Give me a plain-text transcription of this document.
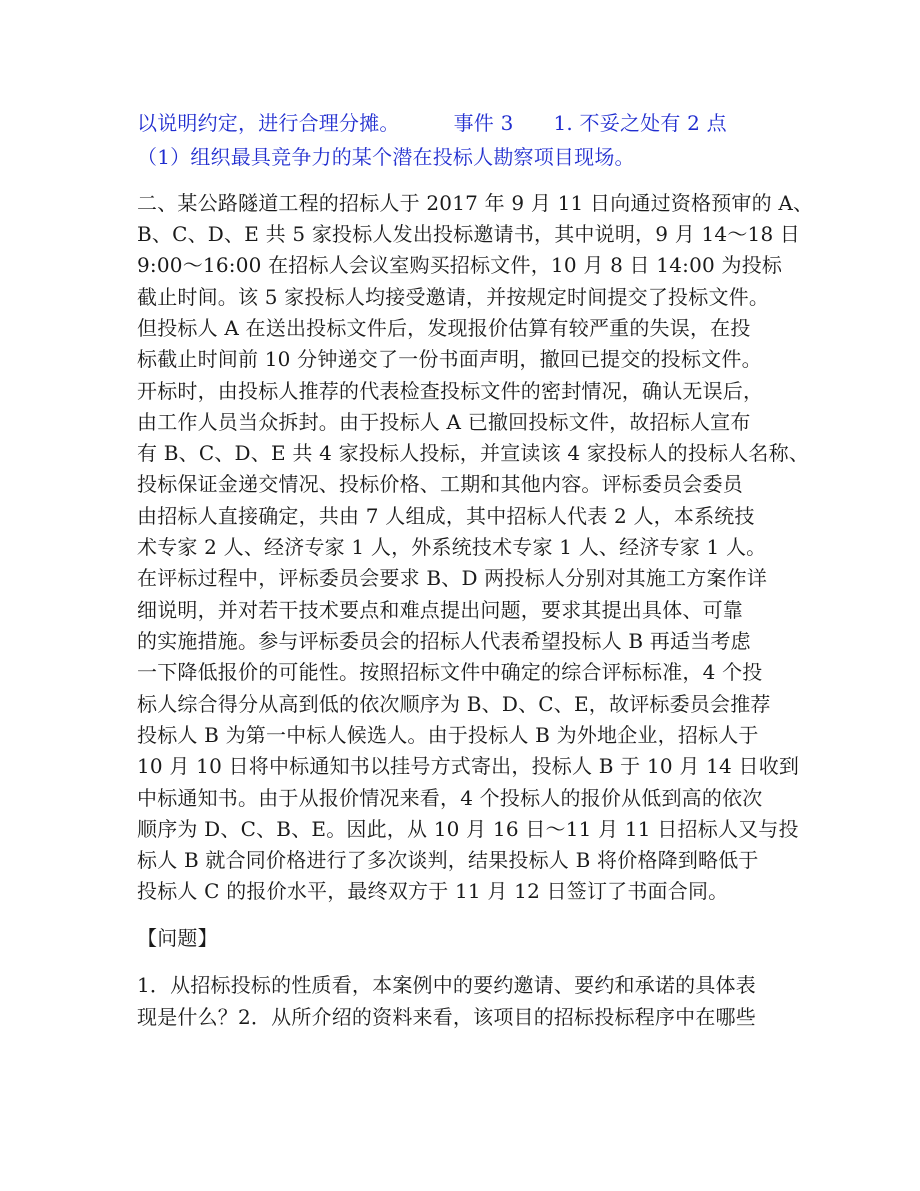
以说明约定，进行合理分摊。	事件 3 1. 不妥之处有 2 点
（1）组织最具竞争力的某个潜在投标人勘察项目现场。
二、某公路隧道工程的招标人于 2017 年 9 月 11 日向通过资格预审的 A、
B、C、D、E 共 5 家投标人发出投标邀请书，其中说明，9 月 14～18 日
9:00～16:00 在招标人会议室购买招标文件，10 月 8 日 14:00 为投标
截止时间。该 5 家投标人均接受邀请，并按规定时间提交了投标文件。
但投标人 A 在送出投标文件后，发现报价估算有较严重的失误，在投
标截止时间前 10 分钟递交了一份书面声明，撤回已提交的投标文件。
开标时，由投标人推荐的代表检查投标文件的密封情况，确认无误后，
由工作人员当众拆封。由于投标人 A 已撤回投标文件，故招标人宣布
有 B、C、D、E 共 4 家投标人投标，并宣读该 4 家投标人的投标人名称、
投标保证金递交情况、投标价格、工期和其他内容。评标委员会委员
由招标人直接确定，共由 7 人组成，其中招标人代表 2 人，本系统技
术专家 2 人、经济专家 1 人，外系统技术专家 1 人、经济专家 1 人。
在评标过程中，评标委员会要求 B、D 两投标人分别对其施工方案作详
细说明，并对若干技术要点和难点提出问题，要求其提出具体、可靠
的实施措施。参与评标委员会的招标人代表希望投标人 B 再适当考虑
一下降低报价的可能性。按照招标文件中确定的综合评标标准，4 个投
标人综合得分从高到低的依次顺序为 B、D、C、E，故评标委员会推荐
投标人 B 为第一中标人候选人。由于投标人 B 为外地企业，招标人于
10 月 10 日将中标通知书以挂号方式寄出，投标人 B 于 10 月 14 日收到
中标通知书。由于从报价情况来看，4 个投标人的报价从低到高的依次
顺序为 D、C、B、E。因此，从 10 月 16 日～11 月 11 日招标人又与投
标人 B 就合同价格进行了多次谈判，结果投标人 B 将价格降到略低于
投标人 C 的报价水平，最终双方于 11 月 12 日签订了书面合同。
【问题】
1．从招标投标的性质看，本案例中的要约邀请、要约和承诺的具体表
现是什么？2．从所介绍的资料来看，该项目的招标投标程序中在哪些
